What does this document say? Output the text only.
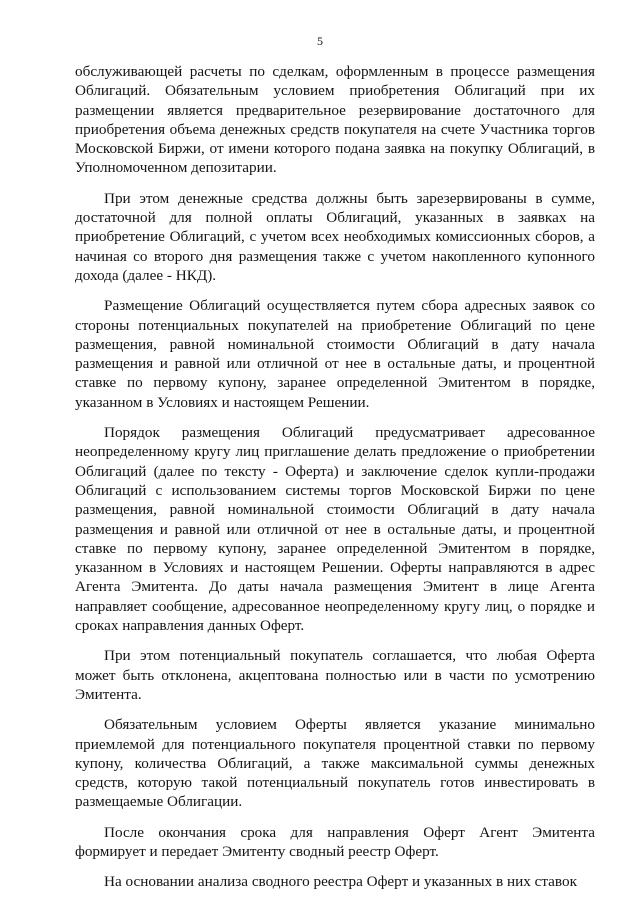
5

обслуживающей расчеты по сделкам, оформленным в процессе размещения Облигаций. Обязательным условием приобретения Облигаций при их размещении является предварительное резервирование достаточного для приобретения объема денежных средств покупателя на счете Участника торгов Московской Биржи, от имени которого подана заявка на покупку Облигаций, в Уполномоченном депозитарии.

При этом денежные средства должны быть зарезервированы в сумме, достаточной для полной оплаты Облигаций, указанных в заявках на приобретение Облигаций, с учетом всех необходимых комиссионных сборов, а начиная со второго дня размещения также с учетом накопленного купонного дохода (далее - НКД).

Размещение Облигаций осуществляется путем сбора адресных заявок со стороны потенциальных покупателей на приобретение Облигаций по цене размещения, равной номинальной стоимости Облигаций в дату начала размещения и равной или отличной от нее в остальные даты, и процентной ставке по первому купону, заранее определенной Эмитентом в порядке, указанном в Условиях и настоящем Решении.

Порядок размещения Облигаций предусматривает адресованное неопределенному кругу лиц приглашение делать предложение о приобретении Облигаций (далее по тексту - Оферта) и заключение сделок купли-продажи Облигаций с использованием системы торгов Московской Биржи по цене размещения, равной номинальной стоимости Облигаций в дату начала размещения и равной или отличной от нее в остальные даты, и процентной ставке по первому купону, заранее определенной Эмитентом в порядке, указанном в Условиях и настоящем Решении. Оферты направляются в адрес Агента Эмитента. До даты начала размещения Эмитент в лице Агента направляет сообщение, адресованное неопределенному кругу лиц, о порядке и сроках направления данных Оферт.

При этом потенциальный покупатель соглашается, что любая Оферта может быть отклонена, акцептована полностью или в части по усмотрению Эмитента.

Обязательным условием Оферты является указание минимально приемлемой для потенциального покупателя процентной ставки по первому купону, количества Облигаций, а также максимальной суммы денежных средств, которую такой потенциальный покупатель готов инвестировать в размещаемые Облигации.

После окончания срока для направления Оферт Агент Эмитента формирует и передает Эмитенту сводный реестр Оферт.

На основании анализа сводного реестра Оферт и указанных в них ставок
